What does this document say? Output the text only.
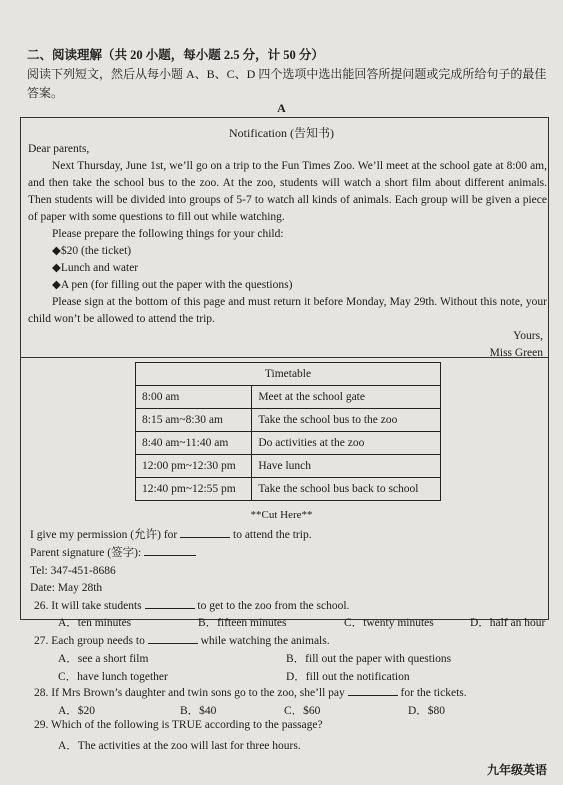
二、阅读理解（共 20 小题，每小题 2.5 分，计 50 分）
阅读下列短文，然后从每小题 A、B、C、D 四个选项中选出能回答所提问题或完成所给句子的最佳答案。
A
Notification (告知书)

Dear parents,

Next Thursday, June 1st, we’ll go on a trip to the Fun Times Zoo. We’ll meet at the school gate at 8:00 am, and then take the school bus to the zoo. At the zoo, students will watch a short film about different animals. Then students will be divided into groups of 5-7 to watch all kinds of animals. Each group will be given a piece of paper with some questions to fill out while watching.

Please prepare the following things for your child:

◆$20 (the ticket)

◆Lunch and water

◆A pen (for filling out the paper with the questions)

Please sign at the bottom of this page and must return it before Monday, May 29th. Without this note, your child won’t be allowed to attend the trip.

Yours,

Miss Green

Timetable	
8:00 am	Meet at the school gate
8:15 am~8:30 am	Take the school bus to the zoo
8:40 am~11:40 am	Do activities at the zoo
12:00 pm~12:30 pm	Have lunch
12:40 pm~12:55 pm	Take the school bus back to school
**Cut Here**
I give my permission (允许) for	to attend the trip.
Parent signature (签字):
Tel: 347-451-8686
Date: May 28th
26. It will take students	to get to the zoo from the school.
A．ten minutes	B．fifteen minutes	C．twenty minutes	D．half an hour
27. Each group needs to	while watching the animals.
A．see a short film	B．fill out the paper with questions
C．have lunch together	D．fill out the notification
28. If Mrs Brown’s daughter and twin sons go to the zoo, she’ll pay	for the tickets.
A．$20	B．$40	C．$60	D．$80
29. Which of the following is TRUE according to the passage?
A．The activities at the zoo will last for three hours.
九年级英语
